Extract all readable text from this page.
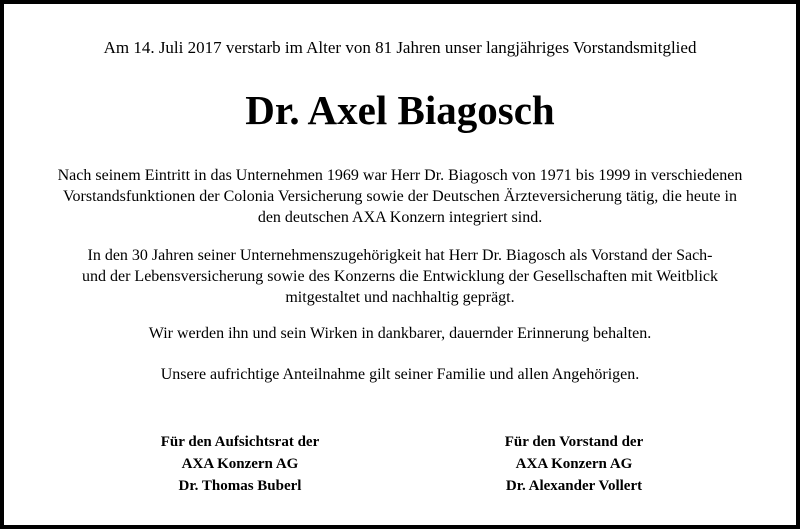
Am 14. Juli 2017 verstarb im Alter von 81 Jahren unser langjähriges Vorstandsmitglied
Dr. Axel Biagosch
Nach seinem Eintritt in das Unternehmen 1969 war Herr Dr. Biagosch von 1971 bis 1999 in verschiedenen
Vorstandsfunktionen der Colonia Versicherung sowie der Deutschen Ärzteversicherung tätig, die heute in
den deutschen AXA Konzern integriert sind.
In den 30 Jahren seiner Unternehmenszugehörigkeit hat Herr Dr. Biagosch als Vorstand der Sach-
und der Lebensversicherung sowie des Konzerns die Entwicklung der Gesellschaften mit Weitblick
mitgestaltet und nachhaltig geprägt.
Wir werden ihn und sein Wirken in dankbarer, dauernder Erinnerung behalten.
Unsere aufrichtige Anteilnahme gilt seiner Familie und allen Angehörigen.
Für den Aufsichtsrat der
AXA Konzern AG
Dr. Thomas Buberl
Für den Vorstand der
AXA Konzern AG
Dr. Alexander Vollert
